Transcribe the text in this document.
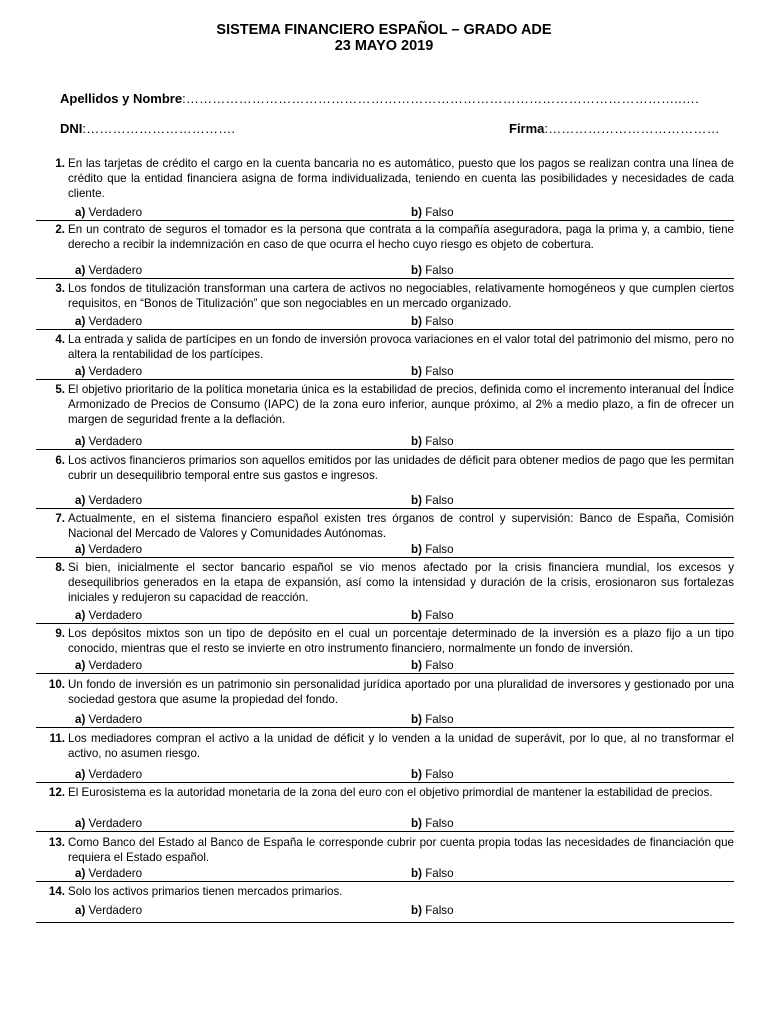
SISTEMA FINANCIERO ESPAÑOL – GRADO ADE
23 MAYO 2019
Apellidos y Nombre:…………………………………………………………………………………………………..….
DNI:…………………………….	Firma:…………………………………
1. En las tarjetas de crédito el cargo en la cuenta bancaria no es automático, puesto que los pagos se realizan contra una línea de crédito que la entidad financiera asigna de forma individualizada, teniendo en cuenta las posibilidades y necesidades de cada cliente.
a) Verdadero	b) Falso
2. En un contrato de seguros el tomador es la persona que contrata a la compañía aseguradora, paga la prima y, a cambio, tiene derecho a recibir la indemnización en caso de que ocurra el hecho cuyo riesgo es objeto de cobertura.
a) Verdadero	b) Falso
3. Los fondos de titulización transforman una cartera de activos no negociables, relativamente homogéneos y que cumplen ciertos requisitos, en “Bonos de Titulización” que son negociables en un mercado organizado.
a) Verdadero	b) Falso
4. La entrada y salida de partícipes en un fondo de inversión provoca variaciones en el valor total del patrimonio del mismo, pero no altera la rentabilidad de los partícipes.
a) Verdadero	b) Falso
5. El objetivo prioritario de la política monetaria única es la estabilidad de precios, definida como el incremento interanual del Índice Armonizado de Precios de Consumo (IAPC) de la zona euro inferior, aunque próximo, al 2% a medio plazo, a fin de ofrecer un margen de seguridad frente a la deflación.
a) Verdadero	b) Falso
6. Los activos financieros primarios son aquellos emitidos por las unidades de déficit para obtener medios de pago que les permitan cubrir un desequilibrio temporal entre sus gastos e ingresos.
a) Verdadero	b) Falso
7. Actualmente, en el sistema financiero español existen tres órganos de control y supervisión: Banco de España, Comisión Nacional del Mercado de Valores y Comunidades Autónomas.
a) Verdadero	b) Falso
8. Si bien, inicialmente el sector bancario español se vio menos afectado por la crisis financiera mundial, los excesos y desequilibrios generados en la etapa de expansión, así como la intensidad y duración de la crisis, erosionaron sus fortalezas iniciales y redujeron su capacidad de reacción.
a) Verdadero	b) Falso
9. Los depósitos mixtos son un tipo de depósito en el cual un porcentaje determinado de la inversión es a plazo fijo a un tipo conocido, mientras que el resto se invierte en otro instrumento financiero, normalmente un fondo de inversión.
a) Verdadero	b) Falso
10. Un fondo de inversión es un patrimonio sin personalidad jurídica aportado por una pluralidad de inversores y gestionado por una sociedad gestora que asume la propiedad del fondo.
a) Verdadero	b) Falso
11. Los mediadores compran el activo a la unidad de déficit y lo venden a la unidad de superávit, por lo que, al no transformar el activo, no asumen riesgo.
a) Verdadero	b) Falso
12. El Eurosistema es la autoridad monetaria de la zona del euro con el objetivo primordial de mantener la estabilidad de precios.
a) Verdadero	b) Falso
13. Como Banco del Estado al Banco de España le corresponde cubrir por cuenta propia todas las necesidades de financiación que requiera el Estado español.
a) Verdadero	b) Falso
14. Solo los activos primarios tienen mercados primarios.
a) Verdadero	b) Falso
